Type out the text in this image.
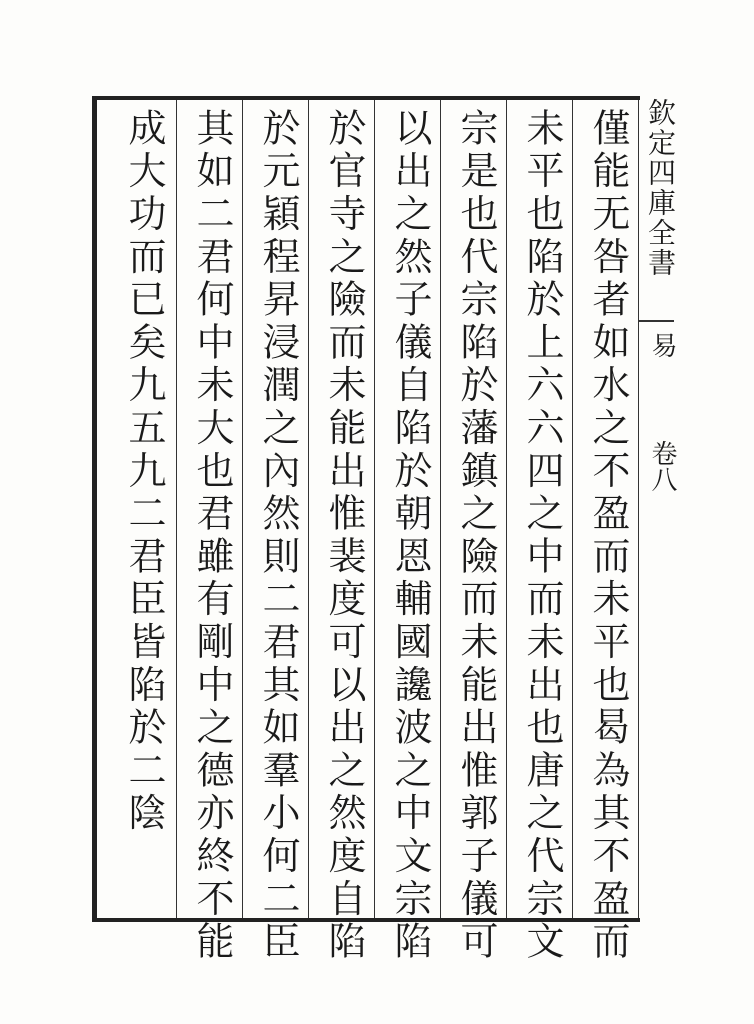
欽定四庫全書
易
卷八
僅能无咎者如水之不盈而未平也曷為其不盈而
未平也陷於上六六四之中而未出也唐之代宗文
宗是也代宗陷於藩鎮之險而未能出惟郭子儀可
以出之然子儀自陷於朝恩輔國讒波之中文宗陷
於官寺之險而未能出惟裴度可以出之然度自陷
於元穎程昇浸潤之內然則二君其如羣小何二臣
其如二君何中未大也君雖有剛中之德亦終不能
成大功而已矣九五九二君臣皆陷於二陰
